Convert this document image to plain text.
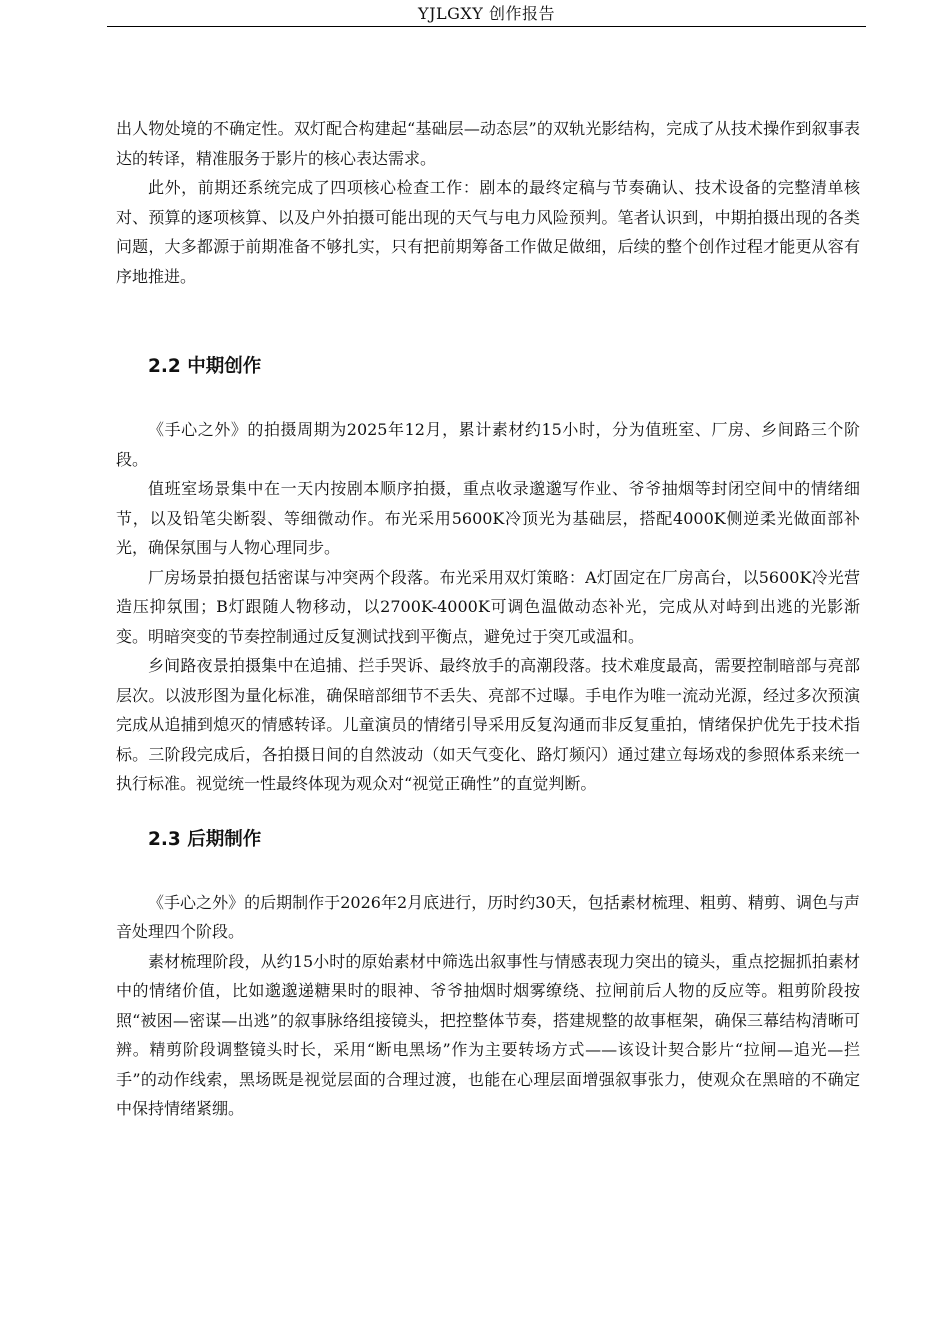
YJLGXY 创作报告

出人物处境的不确定性。双灯配合构建起“基础层—动态层”的双轨光影结构，完成了从技术操作到叙事表达的转译，精准服务于影片的核心表达需求。

此外，前期还系统完成了四项核心检查工作：剧本的最终定稿与节奏确认、技术设备的完整清单核对、预算的逐项核算、以及户外拍摄可能出现的天气与电力风险预判。笔者认识到，中期拍摄出现的各类问题，大多都源于前期准备不够扎实，只有把前期筹备工作做足做细，后续的整个创作过程才能更从容有序地推进。

2.2 中期创作

《手心之外》的拍摄周期为2025年12月，累计素材约15小时，分为值班室、厂房、乡间路三个阶段。

值班室场景集中在一天内按剧本顺序拍摄，重点收录邈邈写作业、爷爷抽烟等封闭空间中的情绪细节，以及铅笔尖断裂、等细微动作。布光采用5600K冷顶光为基础层，搭配4000K侧逆柔光做面部补光，确保氛围与人物心理同步。

厂房场景拍摄包括密谋与冲突两个段落。布光采用双灯策略：A灯固定在厂房高台，以5600K冷光营造压抑氛围；B灯跟随人物移动，以2700K-4000K可调色温做动态补光，完成从对峙到出逃的光影渐变。明暗突变的节奏控制通过反复测试找到平衡点，避免过于突兀或温和。

乡间路夜景拍摄集中在追捕、拦手哭诉、最终放手的高潮段落。技术难度最高，需要控制暗部与亮部层次。以波形图为量化标准，确保暗部细节不丢失、亮部不过曝。手电作为唯一流动光源，经过多次预演完成从追捕到熄灭的情感转译。儿童演员的情绪引导采用反复沟通而非反复重拍，情绪保护优先于技术指标。三阶段完成后，各拍摄日间的自然波动（如天气变化、路灯频闪）通过建立每场戏的参照体系来统一执行标准。视觉统一性最终体现为观众对“视觉正确性”的直觉判断。

2.3 后期制作

《手心之外》的后期制作于2026年2月底进行，历时约30天，包括素材梳理、粗剪、精剪、调色与声音处理四个阶段。

素材梳理阶段，从约15小时的原始素材中筛选出叙事性与情感表现力突出的镜头，重点挖掘抓拍素材中的情绪价值，比如邈邈递糖果时的眼神、爷爷抽烟时烟雾缭绕、拉闸前后人物的反应等。粗剪阶段按照“被困—密谋—出逃”的叙事脉络组接镜头，把控整体节奏，搭建规整的故事框架，确保三幕结构清晰可辨。精剪阶段调整镜头时长，采用“断电黑场”作为主要转场方式——该设计契合影片“拉闸—追光—拦手”的动作线索，黑场既是视觉层面的合理过渡，也能在心理层面增强叙事张力，使观众在黑暗的不确定中保持情绪紧绷。
